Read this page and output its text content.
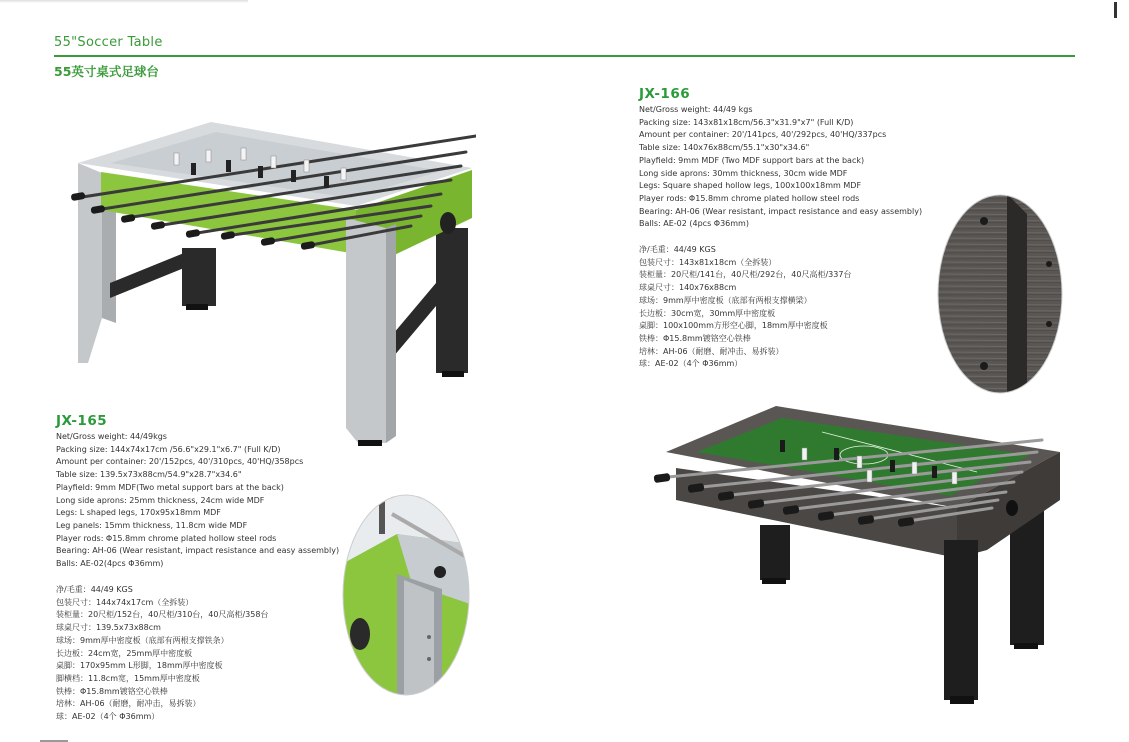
55"Soccer Table
55英寸桌式足球台
JX-165
Net/Gross weight: 44/49kgs
Packing size: 144x74x17cm /56.6"x29.1"x6.7" (Full K/D)
Amount per container: 20'/152pcs, 40'/310pcs, 40'HQ/358pcs
Table size: 139.5x73x88cm/54.9"x28.7"x34.6"
Playfield: 9mm MDF(Two metal support bars at the back)
Long side aprons: 25mm thickness, 24cm wide MDF
Legs: L shaped legs, 170x95x18mm MDF
Leg panels: 15mm thickness, 11.8cm wide MDF
Player rods: Φ15.8mm chrome plated hollow steel rods
Bearing: AH-06 (Wear resistant, impact resistance and easy assembly)
Balls: AE-02(4pcs Φ36mm)
净/毛重：44/49 KGS
包装尺寸：144x74x17cm（全拆装）
装柜量：20尺柜/152台，40尺柜/310台，40尺高柜/358台
球桌尺寸：139.5x73x88cm
球场：9mm厚中密度板（底部有两根支撑铁条）
长边板：24cm宽，25mm厚中密度板
桌脚：170x95mm L形脚，18mm厚中密度板
脚横档：11.8cm宽，15mm厚中密度板
铁棒：Φ15.8mm镀铬空心铁棒
培林：AH-06（耐磨，耐冲击，易拆装）
球：AE-02（4个 Φ36mm）
JX-166
Net/Gross weight: 44/49 kgs
Packing size: 143x81x18cm/56.3"x31.9"x7" (Full K/D)
Amount per container: 20'/141pcs, 40'/292pcs, 40'HQ/337pcs
Table size: 140x76x88cm/55.1"x30"x34.6"
Playfield: 9mm MDF (Two MDF support bars at the back)
Long side aprons: 30mm thickness, 30cm wide MDF
Legs: Square shaped hollow legs, 100x100x18mm MDF
Player rods: Φ15.8mm chrome plated hollow steel rods
Bearing: AH-06 (Wear resistant, impact resistance and easy assembly)
Balls: AE-02 (4pcs Φ36mm)
净/毛重：44/49 KGS
包装尺寸：143x81x18cm（全拆装）
装柜量：20尺柜/141台，40尺柜/292台，40尺高柜/337台
球桌尺寸：140x76x88cm
球场：9mm厚中密度板（底部有两根支撑横梁）
长边板：30cm宽，30mm厚中密度板
桌脚：100x100mm方形空心脚，18mm厚中密度板
铁棒：Φ15.8mm镀铬空心铁棒
培林：AH-06（耐磨、耐冲击、易拆装）
球：AE-02（4个 Φ36mm）
